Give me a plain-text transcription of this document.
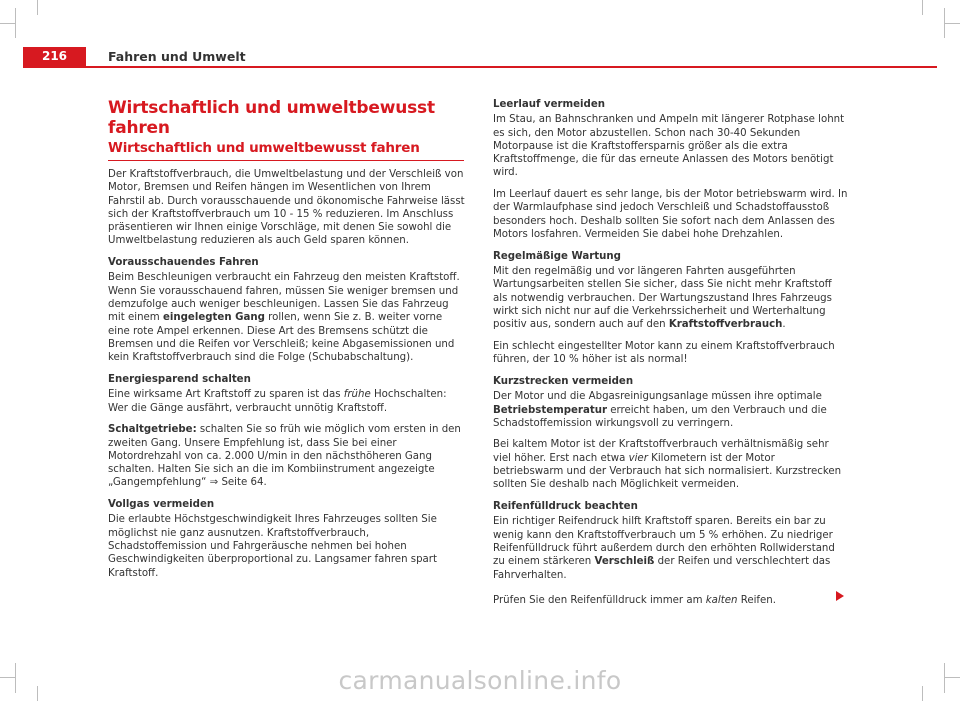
216	Fahren und Umwelt
Wirtschaftlich und umweltbewusst fahren
Wirtschaftlich und umweltbewusst fahren

Der Kraftstoffverbrauch, die Umweltbelastung und der Verschleiß von Motor, Bremsen und Reifen hängen im Wesentlichen von Ihrem Fahrstil ab. Durch vorausschauende und ökonomische Fahrweise lässt sich der Kraftstoffverbrauch um 10 - 15 % reduzieren. Im Anschluss präsentieren wir Ihnen einige Vorschläge, mit denen Sie sowohl die Umweltbelastung reduzieren als auch Geld sparen können.

Vorausschauendes Fahren

Beim Beschleunigen verbraucht ein Fahrzeug den meisten Kraftstoff. Wenn Sie vorausschauend fahren, müssen Sie weniger bremsen und demzufolge auch weniger beschleunigen. Lassen Sie das Fahrzeug mit einem eingelegten Gang rollen, wenn Sie z. B. weiter vorne eine rote Ampel erkennen. Diese Art des Bremsens schützt die Bremsen und die Reifen vor Verschleiß; keine Abgasemissionen und kein Kraftstoffverbrauch sind die Folge (Schubabschaltung).

Energiesparend schalten

Eine wirksame Art Kraftstoff zu sparen ist das frühe Hochschalten: Wer die Gänge ausfährt, verbraucht unnötig Kraftstoff.

Schaltgetriebe: schalten Sie so früh wie möglich vom ersten in den zweiten Gang. Unsere Empfehlung ist, dass Sie bei einer Motordrehzahl von ca. 2.000 U/min in den nächsthöheren Gang schalten. Halten Sie sich an die im Kombiinstrument angezeigte „Gangempfehlung“ ⇒ Seite 64.

Vollgas vermeiden

Die erlaubte Höchstgeschwindigkeit Ihres Fahrzeuges sollten Sie möglichst nie ganz ausnutzen. Kraftstoffverbrauch, Schadstoffemission und Fahrgeräusche nehmen bei hohen Geschwindigkeiten überproportional zu. Langsamer fahren spart Kraftstoff.

Leerlauf vermeiden

Im Stau, an Bahnschranken und Ampeln mit längerer Rotphase lohnt es sich, den Motor abzustellen. Schon nach 30-40 Sekunden Motorpause ist die Kraftstoffersparnis größer als die extra Kraftstoffmenge, die für das erneute Anlassen des Motors benötigt wird.

Im Leerlauf dauert es sehr lange, bis der Motor betriebswarm wird. In der Warmlaufphase sind jedoch Verschleiß und Schadstoffausstoß besonders hoch. Deshalb sollten Sie sofort nach dem Anlassen des Motors losfahren. Vermeiden Sie dabei hohe Drehzahlen.

Regelmäßige Wartung

Mit den regelmäßig und vor längeren Fahrten ausgeführten Wartungsarbeiten stellen Sie sicher, dass Sie nicht mehr Kraftstoff als notwendig verbrauchen. Der Wartungszustand Ihres Fahrzeugs wirkt sich nicht nur auf die Verkehrssicherheit und Werterhaltung positiv aus, sondern auch auf den Kraftstoffverbrauch.

Ein schlecht eingestellter Motor kann zu einem Kraftstoffverbrauch führen, der 10 % höher ist als normal!

Kurzstrecken vermeiden

Der Motor und die Abgasreinigungsanlage müssen ihre optimale Betriebstemperatur erreicht haben, um den Verbrauch und die Schadstoffemission wirkungsvoll zu verringern.

Bei kaltem Motor ist der Kraftstoffverbrauch verhältnismäßig sehr viel höher. Erst nach etwa vier Kilometern ist der Motor betriebswarm und der Verbrauch hat sich normalisiert. Kurzstrecken sollten Sie deshalb nach Möglichkeit vermeiden.

Reifenfülldruck beachten

Ein richtiger Reifendruck hilft Kraftstoff sparen. Bereits ein bar zu wenig kann den Kraftstoffverbrauch um 5 % erhöhen. Zu niedriger Reifenfülldruck führt außerdem durch den erhöhten Rollwiderstand zu einem stärkeren Verschleiß der Reifen und verschlechtert das Fahrverhalten.

Prüfen Sie den Reifenfülldruck immer am kalten Reifen.

carmanualsonline.info
